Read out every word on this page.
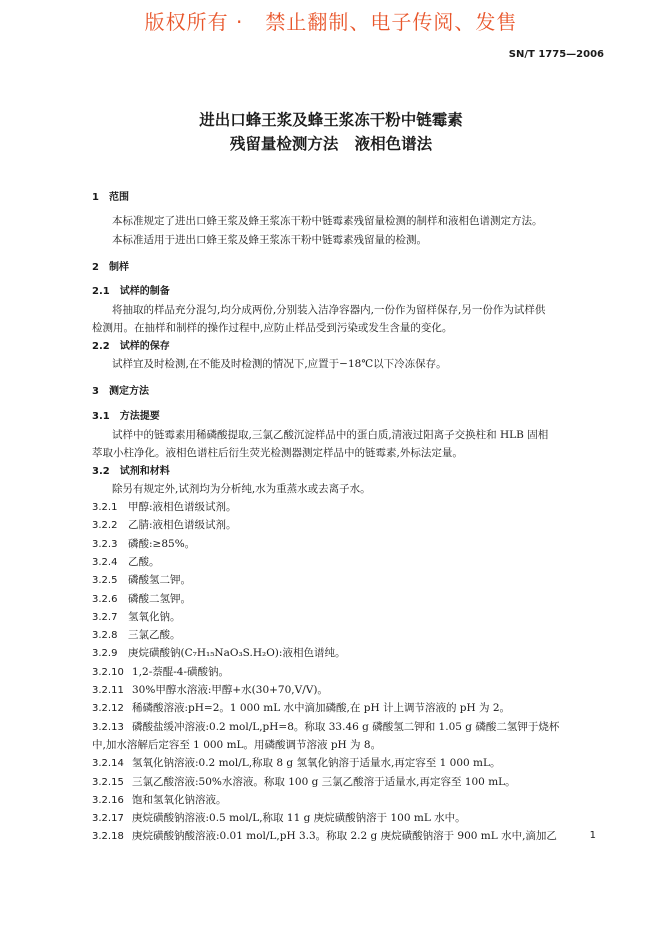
版权所有 ·   禁止翻制、电子传阅、发售
SN/T 1775—2006
进出口蜂王浆及蜂王浆冻干粉中链霉素
残留量检测方法   液相色谱法
1 范围
本标准规定了进出口蜂王浆及蜂王浆冻干粉中链霉素残留量检测的制样和液相色谱测定方法。
本标准适用于进出口蜂王浆及蜂王浆冻干粉中链霉素残留量的检测。
2 制样
2.1 试样的制备
将抽取的样品充分混匀,均分成两份,分别装入洁净容器内,一份作为留样保存,另一份作为试样供
检测用。在抽样和制样的操作过程中,应防止样品受到污染或发生含量的变化。
2.2 试样的保存
试样宜及时检测,在不能及时检测的情况下,应置于−18℃以下冷冻保存。
3 测定方法
3.1 方法提要
试样中的链霉素用稀磷酸提取,三氯乙酸沉淀样品中的蛋白质,清液过阳离子交换柱和 HLB 固相
萃取小柱净化。液相色谱柱后衍生荧光检测器测定样品中的链霉素,外标法定量。
3.2 试剂和材料
除另有规定外,试剂均为分析纯,水为重蒸水或去离子水。
3.2.1 甲醇:液相色谱级试剂。
3.2.2 乙腈:液相色谱级试剂。
3.2.3 磷酸:≥85%。
3.2.4 乙酸。
3.2.5 磷酸氢二钾。
3.2.6 磷酸二氢钾。
3.2.7 氢氧化钠。
3.2.8 三氯乙酸。
3.2.9 庚烷磺酸钠(C₇H₁₅NaO₃S.H₂O):液相色谱纯。
3.2.10 1,2-萘醌-4-磺酸钠。
3.2.11 30%甲醇水溶液:甲醇+水(30+70,V/V)。
3.2.12 稀磷酸溶液:pH=2。1 000 mL 水中滴加磷酸,在 pH 计上调节溶液的 pH 为 2。
3.2.13 磷酸盐缓冲溶液:0.2 mol/L,pH=8。称取 33.46 g 磷酸氢二钾和 1.05 g 磷酸二氢钾于烧杯
中,加水溶解后定容至 1 000 mL。用磷酸调节溶液 pH 为 8。
3.2.14 氢氧化钠溶液:0.2 mol/L,称取 8 g 氢氧化钠溶于适量水,再定容至 1 000 mL。
3.2.15 三氯乙酸溶液:50%水溶液。称取 100 g 三氯乙酸溶于适量水,再定容至 100 mL。
3.2.16 饱和氢氧化钠溶液。
3.2.17 庚烷磺酸钠溶液:0.5 mol/L,称取 11 g 庚烷磺酸钠溶于 100 mL 水中。
3.2.18 庚烷磺酸钠酸溶液:0.01 mol/L,pH 3.3。称取 2.2 g 庚烷磺酸钠溶于 900 mL 水中,滴加乙	1
